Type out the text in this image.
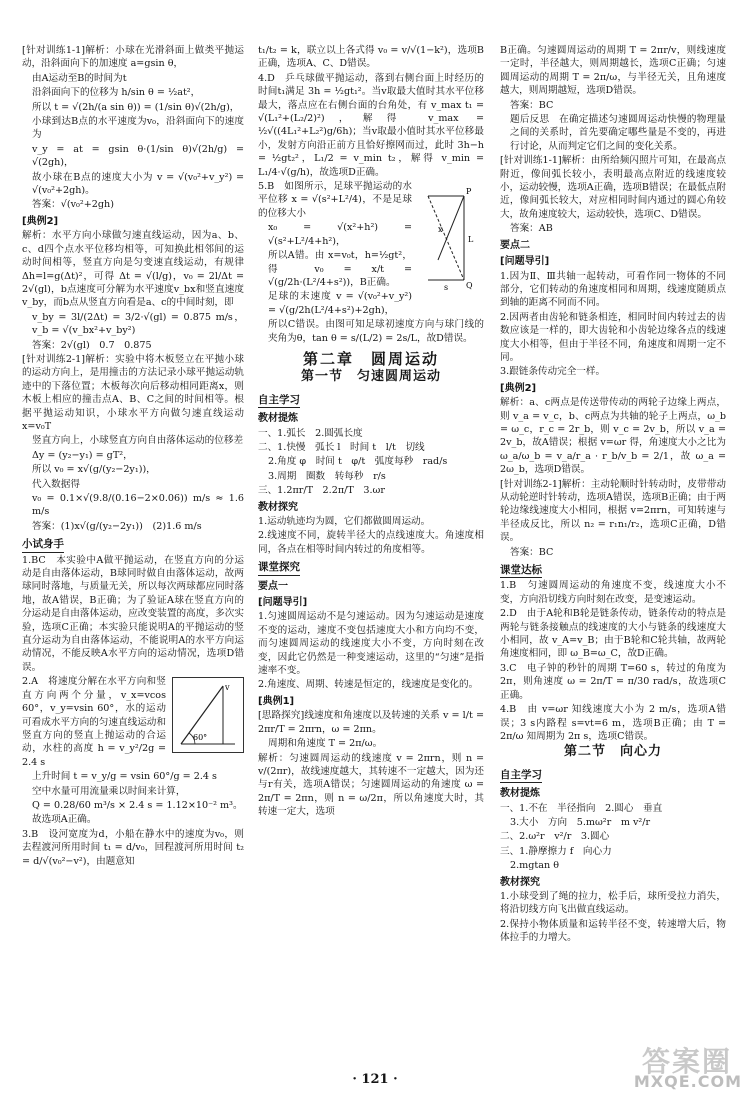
[针对训练1-1]解析：小球在光滑斜面上做类平抛运动，沿斜面向下的加速度 a=gsin θ，

由A运动至B的时间为t

沿斜面向下的位移为 h/sin θ = ½at²，

所以 t = √(2h/(a sin θ)) = (1/sin θ)√(2h/g)，

小球到达B点的水平速度为v₀，沿斜面向下的速度为

v_y = at = gsin θ·(1/sin θ)√(2h/g) = √(2gh)，

故小球在B点的速度大小为 v = √(v₀²+v_y²) = √(v₀²+2gh)。

答案：√(v₀²+2gh)

[典例2]

解析：水平方向小球做匀速直线运动，因为a、b、c、d四个点水平位移均相等，可知换此相邻间的运动时间相等，竖直方向是匀变速直线运动，有规律 Δh=l=g(Δt)²，可得 Δt = √(l/g)，v₀ = 2l/Δt = 2√(gl)，b点速度可分解为水平速度v_bx和竖直速度v_by，而b点从竖直方向看是a、c的中间时刻，即

v_by = 3l/(2Δt) = 3/2·√(gl) = 0.875 m/s，v_b = √(v_bx²+v_by²)

答案：2√(gl)　0.7　0.875

[针对训练2-1]解析：实验中将木板竖立在平抛小球的运动方向上，是用撞击的方法记录小球平抛运动轨迹中的下落位置；木板每次向后移动相同距离x，则木板上相应的撞击点A、B、C之间的时间相等。根据平抛运动知识，小球水平方向做匀速直线运动 x=v₀T

竖直方向上，小球竖直方向自由落体运动的位移差

Δy = (y₂−y₁) = gT²，

所以 v₀ = x√(g/(y₂−2y₁))，

代入数据得

v₀ = 0.1×√(9.8/(0.16−2×0.06)) m/s ≈ 1.6 m/s

答案：(1)x√(g/(y₂−2y₁))　(2)1.6 m/s

小试身手

1.BC　本实验中A做平抛运动，在竖直方向的分运动是自由落体运动，B球同时做自由落体运动，故两球同时落地，与质量无关，所以每次两球都应同时落地，故A错误，B正确；为了验证A球在竖直方向的分运动是自由落体运动，应改变装置的高度，多次实验，选项C正确；本实验只能说明A的平抛运动的竖直分运动为自由落体运动，不能说明A的水平方向运动情况，不能反映A水平方向的运动情况，选项D错误。

60°
v

2.A　将速度分解在水平方向和竖直方向两个分量，v_x=vcos 60°，v_y=vsin 60°，水的运动可看成水平方向的匀速直线运动和竖直方向的竖直上抛运动的合运动，水柱的高度 h = v_y²/2g = 2.4 s

上升时间 t = v_y/g = vsin 60°/g = 2.4 s

空中水量可用流量乘以时间来计算，

Q = 0.28/60 m³/s × 2.4 s = 1.12×10⁻² m³。

故选项A正确。

3.B　设河宽度为d，小船在静水中的速度为v₀，则去程渡河所用时间 t₁ = d/v₀，回程渡河所用时间 t₂ = d/√(v₀²−v²)，由题意知

t₁/t₂ = k，联立以上各式得 v₀ = v/√(1−k²)，选项B正确，选项A、C、D错误。

4.D　乒乓球做平抛运动，落到右侧台面上时经历的时间t₁满足 3h = ½gt₁²。当v取最大值时其水平位移最大，落点应在右侧台面的台角处，有 v_max t₁ = √(L₁²+(L₂/2)²)，解得 v_max = ½√((4L₁²+L₂²)g/6h)；当v取最小值时其水平位移最小，发射方向沿正前方且恰好擦网而过，此时 3h−h = ½gt₂²，L₁/2 = v_min t₂，解得 v_min = L₁/4·√(g/h)，故选项D正确。

P
Q
L
s
x

5.B　如图所示，足球平抛运动的水平位移 x = √(s²+L²/4)，不是足球的位移大小

x₀ = √(x²+h²) = √(s²+L²/4+h²)，

所以A错。由 x=v₀t，h=½gt²，得 v₀ = x/t = √(g/2h·(L²/4+s²))，B正确。

足球的末速度 v = √(v₀²+v_y²) = √(g/2h(L²/4+s²)+2gh)，

所以C错误。由图可知足球初速度方向与球门线的夹角为θ，tan θ = s/(L/2) = 2s/L，故D错误。

第二章　圆周运动
第一节　匀速圆周运动
自主学习
教材提炼

一、1.弧长　2.圆弧长度

二、1.快慢　弧长 l　时间 t　l/t　切线

2.角度 φ　时间 t　φ/t　弧度每秒　rad/s

3.周期　圈数　转每秒　r/s

三、1.2πr/T　2.2π/T　3.ωr

教材探究

1.运动轨迹均为圆，它们都做圆周运动。

2.线速度不同，旋转半径大的点线速度大。角速度相同，各点在相等时间内转过的角度相等。

课堂探究
要点一
[问题导引]

1.匀速圆周运动不是匀速运动。因为匀速运动是速度不变的运动，速度不变包括速度大小和方向均不变，而匀速圆周运动的线速度大小不变，方向时刻在改变，因此它仍然是一种变速运动，这里的“匀速”是指速率不变。

2.角速度、周期、转速是恒定的，线速度是变化的。

[典例1]

[思路探究]线速度和角速度以及转速的关系 v = l/t = 2πr/T = 2πrn，ω = 2πn。

周期和角速度 T = 2π/ω。

解析：匀速圆周运动的线速度 v = 2πrn，则 n = v/(2πr)，故线速度越大，其转速不一定越大，因为还与r有关，选项A错误；匀速圆周运动的角速度 ω = 2π/T = 2πn，则 n = ω/2π，所以角速度大时，其转速一定大，选项

B正确。匀速圆周运动的周期 T = 2πr/v，则线速度一定时，半径越大，则周期越长，选项C正确；匀速圆周运动的周期 T = 2π/ω，与半径无关，且角速度越大，则周期越短，选项D错误。

答案：BC

题后反思　在确定描述匀速圆周运动快慢的物理量之间的关系时，首先要确定哪些量是不变的，再进行讨论，从而判定它们之间的变化关系。

[针对训练1-1]解析：由所给频闪照片可知，在最高点附近，像间弧长较小，表明最高点附近的线速度较小，运动较慢，选项A正确，选项B错误；在最低点附近，像间弧长较大，对应相同时间内通过的圆心角较大，故角速度较大，运动较快，选项C、D错误。

答案：AB

要点二
[问题导引]

1.因为Ⅱ、Ⅲ共轴一起转动，可看作同一物体的不同部分，它们转动的角速度相同和周期，线速度随质点到轴的距离不同而不同。

2.因两者由齿轮和链条相连，相同时间内转过去的齿数应该是一样的，即大齿轮和小齿轮边缘各点的线速度大小相等，但由于半径不同，角速度和周期一定不同。

3.跟链条传动完全一样。

[典例2]

解析：a、c两点是传送带传动的两轮子边缘上两点，则 v_a = v_c，b、c两点为共轴的轮子上两点，ω_b = ω_c，r_c = 2r_b，则 v_c = 2v_b，所以 v_a = 2v_b，故A错误；根据 v=ωr 得，角速度大小之比为 ω_a/ω_b = v_a/r_a · r_b/v_b = 2/1，故 ω_a = 2ω_b，选项D错误。

[针对训练2-1]解析：主动轮顺时针转动时，皮带带动从动轮逆时针转动，选项A错误，选项B正确；由于两轮边缘线速度大小相同，根据 v=2πrn，可知转速与半径成反比，所以 n₂ = r₁n₁/r₂，选项C正确，D错误。

答案：BC

课堂达标

1.B　匀速圆周运动的角速度不变，线速度大小不变，方向沿切线方向时刻在改变，是变速运动。

2.D　由于A轮和B轮是链条传动，链条传动的特点是两轮与链条接触点的线速度的大小与链条的线速度大小相同，故 v_A=v_B；由于B轮和C轮共轴，故两轮角速度相同，即 ω_B=ω_C，故D正确。

3.C　电子钟的秒针的周期 T=60 s，转过的角度为2π，则角速度 ω = 2π/T = π/30 rad/s，故选项C正确。

4.B　由 v=ωr 知线速度大小为 2 m/s，选项A错误；3 s内路程 s=vt=6 m，选项B正确；由 T = 2π/ω 知周期为 2π s，选项C错误。

第二节　向心力
自主学习
教材提炼

一、1.不在　半径指向　2.圆心　垂直

3.大小　方向　5.mω²r　m v²/r

二、2.ω²r　v²/r　3.圆心

三、1.静摩擦力 f　向心力

2.mgtan θ

教材探究

1.小球受到了绳的拉力，松手后，球所受拉力消失，将沿切线方向飞出做直线运动。

2.保持小物体质量和运转半径不变，转速增大后，物体拉手的力增大。

· 121 ·
答案圈
MXQE.COM
